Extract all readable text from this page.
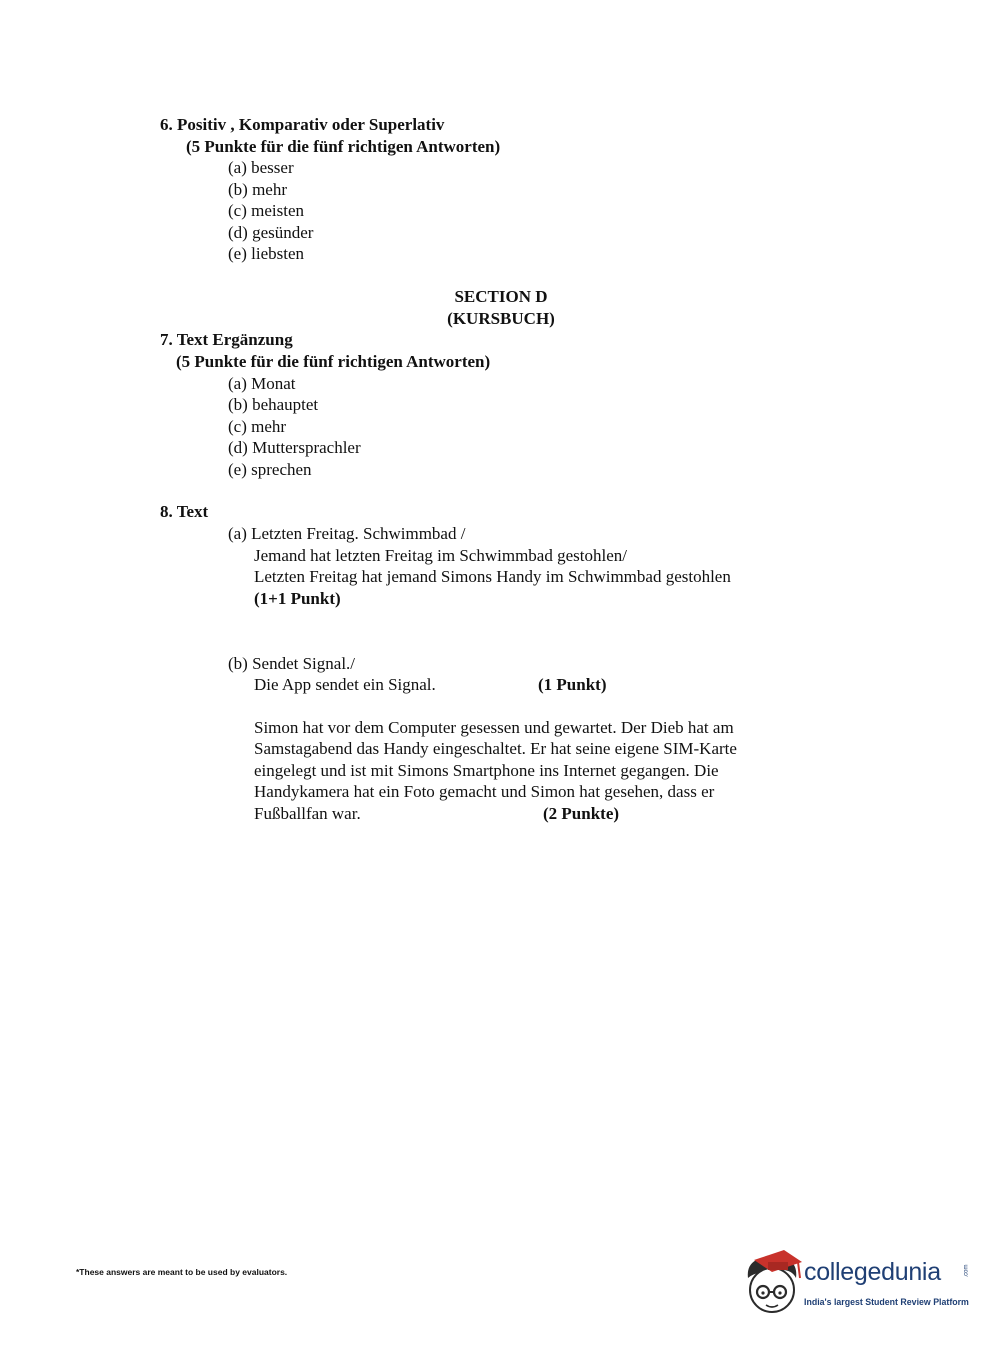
6. Positiv , Komparativ oder Superlativ
(5 Punkte für die fünf richtigen Antworten)
(a) besser
(b) mehr
(c) meisten
(d) gesünder
(e) liebsten
SECTION D
(KURSBUCH)
7. Text Ergänzung
(5 Punkte für die fünf richtigen Antworten)
(a) Monat
(b) behauptet
(c) mehr
(d) Muttersprachler
(e) sprechen
8. Text
(a) Letzten Freitag. Schwimmbad /
Jemand hat letzten Freitag im Schwimmbad gestohlen/
Letzten Freitag hat jemand Simons Handy im Schwimmbad gestohlen
(1+1 Punkt)
(b) Sendet Signal./
Die App sendet ein Signal.	(1 Punkt)
Simon hat vor dem Computer gesessen und gewartet. Der Dieb hat am
Samstagabend das Handy eingeschaltet. Er hat seine eigene SIM-Karte
eingelegt und ist mit Simons Smartphone ins Internet gegangen. Die
Handykamera hat ein Foto gemacht und Simon hat gesehen, dass er
Fußballfan war.	(2 Punkte)
*These answers are meant to be used by evaluators.	collegedunia	.com
India's largest Student Review Platform
